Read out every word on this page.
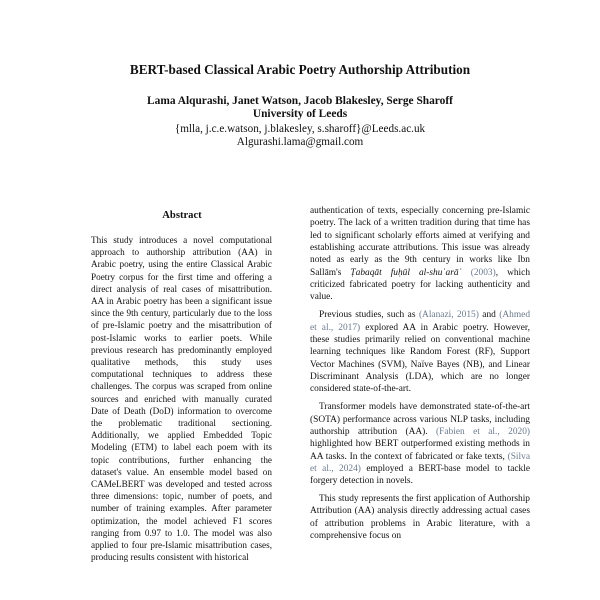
BERT-based Classical Arabic Poetry Authorship Attribution
Lama Alqurashi, Janet Watson, Jacob Blakesley, Serge Sharoff
University of Leeds
{mlla, j.c.e.watson, j.blakesley, s.sharoff}@Leeds.ac.uk
Algurashi.lama@gmail.com
Abstract

This study introduces a novel computational approach to authorship attribution (AA) in Arabic poetry, using the entire Classical Arabic Poetry corpus for the first time and offering a direct analysis of real cases of misattribution. AA in Arabic poetry has been a significant issue since the 9th century, particularly due to the loss of pre-Islamic poetry and the misattribution of post-Islamic works to earlier poets. While previous research has predominantly employed qualitative methods, this study uses computational techniques to address these challenges. The corpus was scraped from online sources and enriched with manually curated Date of Death (DoD) information to overcome the problematic traditional sectioning. Additionally, we applied Embedded Topic Modeling (ETM) to label each poem with its topic contributions, further enhancing the dataset's value. An ensemble model based on CAMeLBERT was developed and tested across three dimensions: topic, number of poets, and number of training examples. After parameter optimization, the model achieved F1 scores ranging from 0.97 to 1.0. The model was also applied to four pre-Islamic misattribution cases, producing results consistent with historical

authentication of texts, especially concerning pre-Islamic poetry. The lack of a written tradition during that time has led to significant scholarly efforts aimed at verifying and establishing accurate attributions. This issue was already noted as early as the 9th century in works like Ibn Sallām's Ṭabaqāt fuḥūl al-shuʿarāʾ (2003), which criticized fabricated poetry for lacking authenticity and value.

Previous studies, such as (Alanazi, 2015) and (Ahmed et al., 2017) explored AA in Arabic poetry. However, these studies primarily relied on conventional machine learning techniques like Random Forest (RF), Support Vector Machines (SVM), Naïve Bayes (NB), and Linear Discriminant Analysis (LDA), which are no longer considered state-of-the-art.

Transformer models have demonstrated state-of-the-art (SOTA) performance across various NLP tasks, including authorship attribution (AA). (Fabien et al., 2020) highlighted how BERT outperformed existing methods in AA tasks. In the context of fabricated or fake texts, (Silva et al., 2024) employed a BERT-base model to tackle forgery detection in novels.

This study represents the first application of Authorship Attribution (AA) analysis directly addressing actual cases of attribution problems in Arabic literature, with a comprehensive focus on
